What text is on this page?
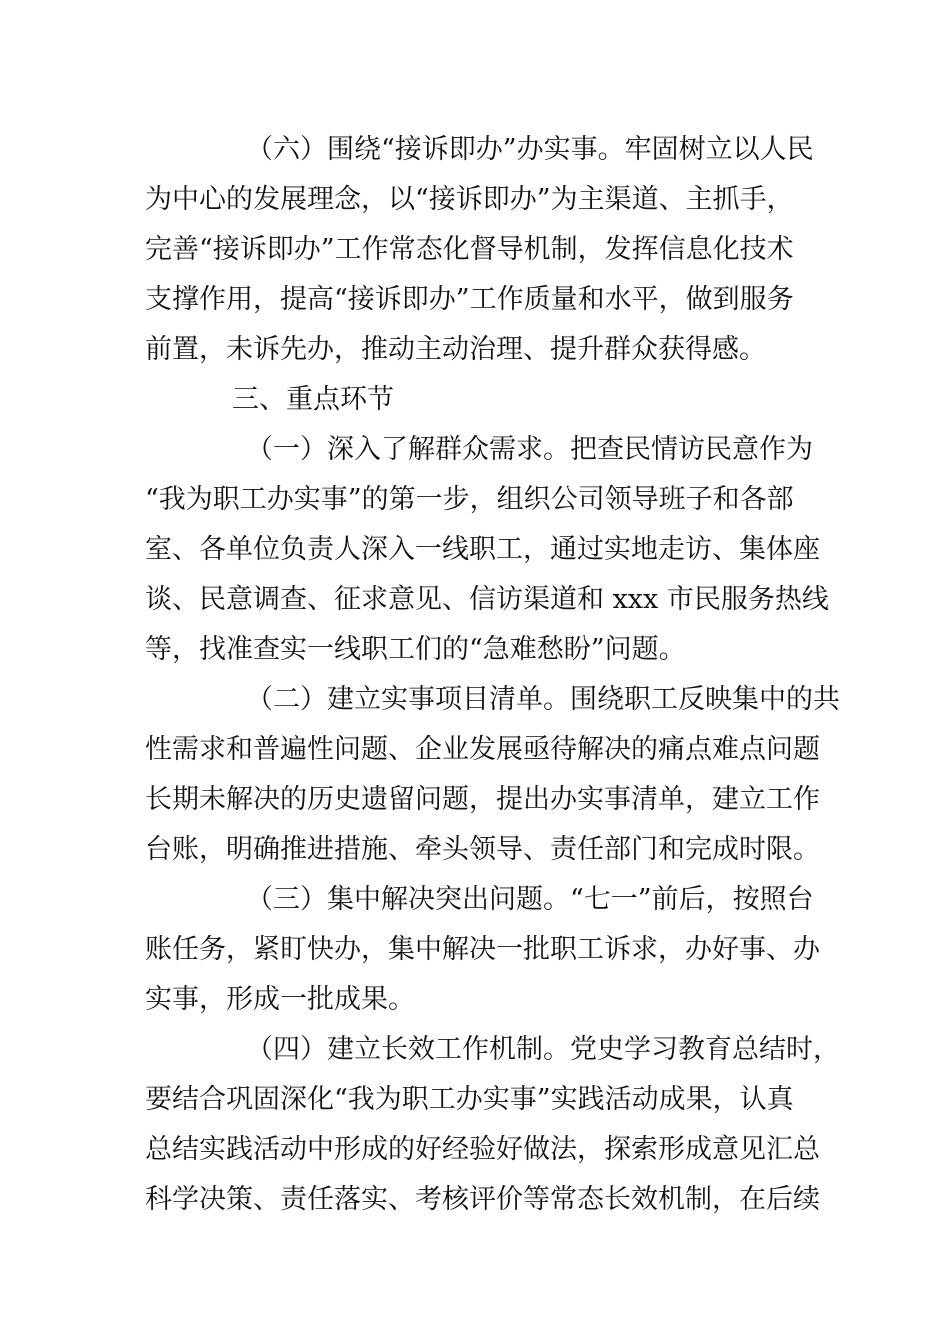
（六）围绕“接诉即办”办实事。牢固树立以人民

为中心的发展理念，以“接诉即办”为主渠道、主抓手，

完善“接诉即办”工作常态化督导机制，发挥信息化技术

支撑作用，提高“接诉即办”工作质量和水平，做到服务

前置，未诉先办，推动主动治理、提升群众获得感。

三、重点环节

（一）深入了解群众需求。把查民情访民意作为

“我为职工办实事”的第一步，组织公司领导班子和各部

室、各单位负责人深入一线职工，通过实地走访、集体座

谈、民意调查、征求意见、信访渠道和 xxx 市民服务热线

等，找准查实一线职工们的“急难愁盼”问题。

（二）建立实事项目清单。围绕职工反映集中的共

性需求和普遍性问题、企业发展亟待解决的痛点难点问题

长期未解决的历史遗留问题，提出办实事清单，建立工作

台账，明确推进措施、牵头领导、责任部门和完成时限。

（三）集中解决突出问题。“七一”前后，按照台

账任务，紧盯快办，集中解决一批职工诉求，办好事、办

实事，形成一批成果。

（四）建立长效工作机制。党史学习教育总结时，

要结合巩固深化“我为职工办实事”实践活动成果，认真

总结实践活动中形成的好经验好做法，探索形成意见汇总

科学决策、责任落实、考核评价等常态长效机制，在后续
